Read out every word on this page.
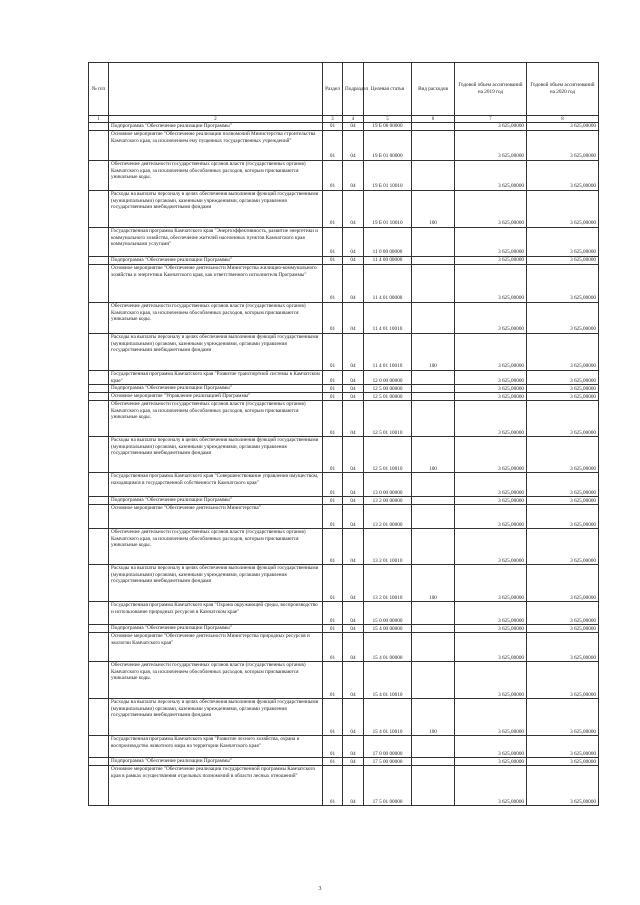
№ п/п		Раздел	Подраздел	Целевая статья	Вид расходов	Годовой объем ассигнований на 2019 год	Годовой объем ассигнований на 2020 год
1	2	3	4	5	6	7	8
	Подпрограмма "Обеспечение реализации Программы"	01	04	19 Б 00 00000		3 625,00000	3 625,00000
	Основное мероприятие "Обеспечение реализации полномочий Министерства строительства Камчатского края, за исключением ему пущенных государственных учреждений"	01	04	19 Б 01 00000		3 625,00000	3 625,00000
	Обеспечение деятельности государственных органов власти (государственных органов) Камчатского края, за исключением обособленных расходов, которым присваиваются уникальные коды.	01	04	19 Б 01 10010		3 625,00000	3 625,00000
	Расходы на выплаты персоналу в целях обеспечения выполнения функций государственными (муниципальными) органами, казенными учреждениями, органами управления государственными внебюджетными фондами	01	04	19 Б 01 10010	100	3 625,00000	3 625,00000
	Государственная программа Камчатского края "Энергоэффективность, развитие энергетики и коммунального хозяйства, обеспечение жителей населенных пунктов Камчатского края коммунальными услугами"	01	04	11 0 00 00000		3 625,00000	3 625,00000
	Подпрограмма "Обеспечение реализации Программы"	01	04	11 4 00 00000		3 625,00000	3 625,00000
	Основное мероприятие "Обеспечение деятельности Министерства жилищно-коммунального хозяйства и энергетики Камчатского края, как ответственного исполнителя Программы"	01	04	11 4 01 00000		3 625,00000	3 625,00000
	Обеспечение деятельности государственных органов власти (государственных органов) Камчатского края, за исключением обособленных расходов, которым присваиваются уникальные коды.	01	04	11 4 01 10010		3 625,00000	3 625,00000
	Расходы на выплаты персоналу в целях обеспечения выполнения функций государственными (муниципальными) органами, казенными учреждениями, органами управления государственными внебюджетными фондами	01	04	11 4 01 10010	100	3 625,00000	3 625,00000
	Государственная программа Камчатского края "Развитие транспортной системы в Камчатском крае"	01	04	12 0 00 00000		3 625,00000	3 625,00000
	Подпрограмма "Обеспечение реализации Программы"	01	04	12 5 00 00000		3 625,00000	3 625,00000
	Основное мероприятие "Управление реализацией Программы"	01	04	12 5 01 00000		3 625,00000	3 625,00000
	Обеспечение деятельности государственных органов власти (государственных органов) Камчатского края, за исключением обособленных расходов, которым присваиваются уникальные коды.	01	04	12 5 01 10010		3 625,00000	3 625,00000
	Расходы на выплаты персоналу в целях обеспечения выполнения функций государственными (муниципальными) органами, казенными учреждениями, органами управления государственными внебюджетными фондами	01	04	12 5 01 10010	100	3 625,00000	3 625,00000
	Государственная программа Камчатского края "Совершенствование управления имуществом, находящимся в государственной собственности Камчатского края"	01	04	13 0 00 00000		3 625,00000	3 625,00000
	Подпрограмма "Обеспечение реализации Программы"	01	04	13 2 00 00000		3 625,00000	3 625,00000
	Основное мероприятие "Обеспечение деятельности Министерства"	01	04	13 2 01 00000		3 625,00000	3 625,00000
	Обеспечение деятельности государственных органов власти (государственных органов) Камчатского края, за исключением обособленных расходов, которым присваиваются уникальные коды.	01	04	13 2 01 10010		3 625,00000	3 625,00000
	Расходы на выплаты персоналу в целях обеспечения выполнения функций государственными (муниципальными) органами, казенными учреждениями, органами управления государственными внебюджетными фондами	01	04	13 2 01 10010	100	3 625,00000	3 625,00000
	Государственная программа Камчатского края "Охрана окружающей среды, воспроизводство и использование природных ресурсов в Камчатском крае"	01	04	15 0 00 00000		3 625,00000	3 625,00000
	Подпрограмма "Обеспечение реализации Программы"	01	04	15 4 00 00000		3 625,00000	3 625,00000
	Основное мероприятие "Обеспечение деятельности Министерства природных ресурсов и экологии Камчатского края"	01	04	15 4 01 00000		3 625,00000	3 625,00000
	Обеспечение деятельности государственных органов власти (государственных органов) Камчатского края, за исключением обособленных расходов, которым присваиваются уникальные коды.	01	04	15 4 01 10010		3 625,00000	3 625,00000
	Расходы на выплаты персоналу в целях обеспечения выполнения функций государственными (муниципальными) органами, казенными учреждениями, органами управления государственными внебюджетными фондами	01	04	15 4 01 10010	100	3 625,00000	3 625,00000
	Государственная программа Камчатского края "Развитие лесного хозяйства, охрана и воспроизводство животного мира на территории Камчатского края"	01	04	17 0 00 00000		3 625,00000	3 625,00000
	Подпрограмма "Обеспечение реализации Программы"	01	04	17 5 00 00000		3 625,00000	3 625,00000
	Основное мероприятие "Обеспечение реализации государственной программы Камчатского края в рамках осуществления отдельных полномочий в области лесных отношений"	01	04	17 5 01 00000		3 625,00000	3 625,00000
3
